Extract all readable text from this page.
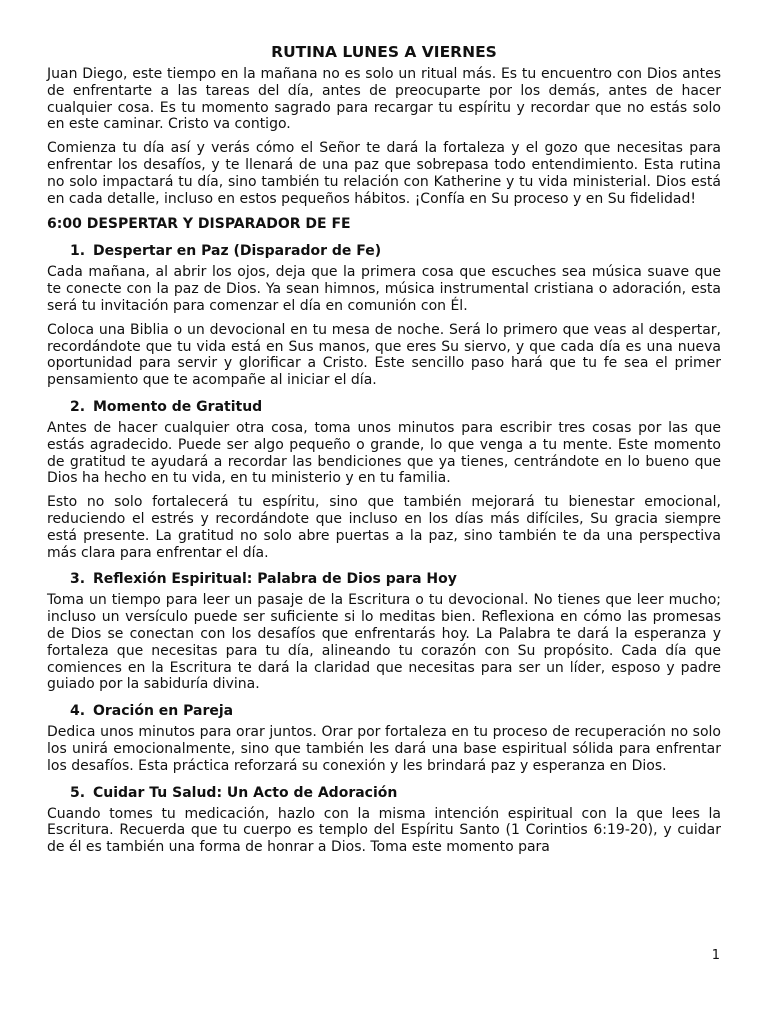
RUTINA LUNES A VIERNES

Juan Diego, este tiempo en la mañana no es solo un ritual más. Es tu encuentro con Dios antes de enfrentarte a las tareas del día, antes de preocuparte por los demás, antes de hacer cualquier cosa. Es tu momento sagrado para recargar tu espíritu y recordar que no estás solo en este caminar. Cristo va contigo.

Comienza tu día así y verás cómo el Señor te dará la fortaleza y el gozo que necesitas para enfrentar los desafíos, y te llenará de una paz que sobrepasa todo entendimiento. Esta rutina no solo impactará tu día, sino también tu relación con Katherine y tu vida ministerial. Dios está en cada detalle, incluso en estos pequeños hábitos. ¡Confía en Su proceso y en Su fidelidad!

6:00 DESPERTAR Y DISPARADOR DE FE
1. Despertar en Paz (Disparador de Fe)

Cada mañana, al abrir los ojos, deja que la primera cosa que escuches sea música suave que te conecte con la paz de Dios. Ya sean himnos, música instrumental cristiana o adoración, esta será tu invitación para comenzar el día en comunión con Él.

Coloca una Biblia o un devocional en tu mesa de noche. Será lo primero que veas al despertar, recordándote que tu vida está en Sus manos, que eres Su siervo, y que cada día es una nueva oportunidad para servir y glorificar a Cristo. Este sencillo paso hará que tu fe sea el primer pensamiento que te acompañe al iniciar el día.

2. Momento de Gratitud

Antes de hacer cualquier otra cosa, toma unos minutos para escribir tres cosas por las que estás agradecido. Puede ser algo pequeño o grande, lo que venga a tu mente. Este momento de gratitud te ayudará a recordar las bendiciones que ya tienes, centrándote en lo bueno que Dios ha hecho en tu vida, en tu ministerio y en tu familia.

Esto no solo fortalecerá tu espíritu, sino que también mejorará tu bienestar emocional, reduciendo el estrés y recordándote que incluso en los días más difíciles, Su gracia siempre está presente. La gratitud no solo abre puertas a la paz, sino también te da una perspectiva más clara para enfrentar el día.

3. Reflexión Espiritual: Palabra de Dios para Hoy

Toma un tiempo para leer un pasaje de la Escritura o tu devocional. No tienes que leer mucho; incluso un versículo puede ser suficiente si lo meditas bien. Reflexiona en cómo las promesas de Dios se conectan con los desafíos que enfrentarás hoy. La Palabra te dará la esperanza y fortaleza que necesitas para tu día, alineando tu corazón con Su propósito. Cada día que comiences en la Escritura te dará la claridad que necesitas para ser un líder, esposo y padre guiado por la sabiduría divina.

4. Oración en Pareja

Dedica unos minutos para orar juntos. Orar por fortaleza en tu proceso de recuperación no solo los unirá emocionalmente, sino que también les dará una base espiritual sólida para enfrentar los desafíos. Esta práctica reforzará su conexión y les brindará paz y esperanza en Dios.

5. Cuidar Tu Salud: Un Acto de Adoración

Cuando tomes tu medicación, hazlo con la misma intención espiritual con la que lees la Escritura. Recuerda que tu cuerpo es templo del Espíritu Santo (1 Corintios 6:19-20), y cuidar de él es también una forma de honrar a Dios. Toma este momento para

1
